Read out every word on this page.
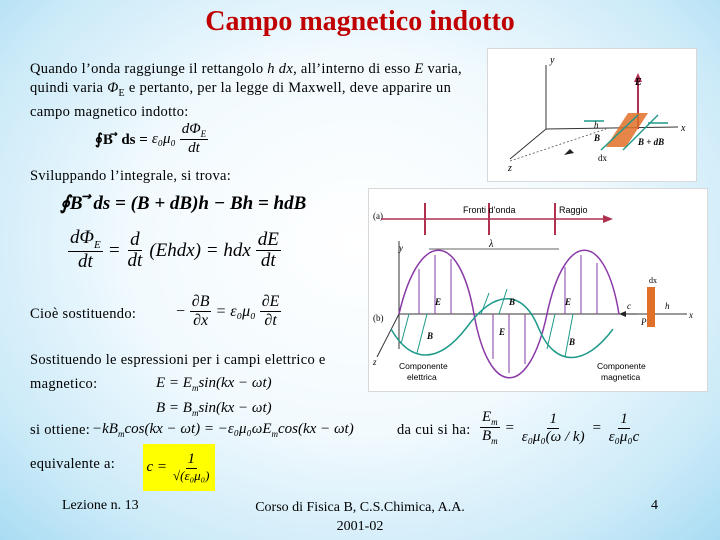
Campo magnetico indotto
Quando l’onda raggiunge il rettangolo h dx, all’interno di esso E varia,
quindi varia $\Phi_E$ e pertanto, per la legge di Maxwell, deve apparire un
campo magnetico indotto:
∮B ⃗ ds = $\varepsilon_0\mu_0 \frac{d\Phi_E}{dt}$
Sviluppando l’integrale, si trova:
∮B ⃗ ds = (B + dB)h − Bh = hdB
$\frac{d\Phi_E}{dt} = \frac{d}{dt}$ (Ehdx) = hdx $\frac{dE}{dt}$
Cioè sostituendo: − $\frac{\partial B}{\partial x} = \varepsilon_0\mu_0 \frac{\partial E}{\partial t}$
Sostituendo le espressioni per i campi elettrico e
magnetico:	$E = E_m\sin(kx - \omega t)$
$B = B_m\sin(kx - \omega t)$
si ottiene: $-kB_m\cos(kx - \omega t) = -\varepsilon_0\mu_0\omega E_m\cos(kx - \omega t)$	da cui si ha: $\frac{E_m}{B_m} = \frac{1}{\text{ε₀μ₀(ω / k)}} = \frac{1}{\text{ε₀μ₀c}}$
equivalente a: $c = \frac{1}{\text{√(ε₀μ₀)}}$
y
x
z
E
h
B	B + dB
dx
(a)
Fronti d’onda	Raggio
(b)
y
x
z
λ
E	E
E
B
B
B
dx
h
c
P
Componente
elettrica
Componente
magnetica
Lezione n. 13	Corso di Fisica B, C.S.Chimica, A.A.
2001-02
4
